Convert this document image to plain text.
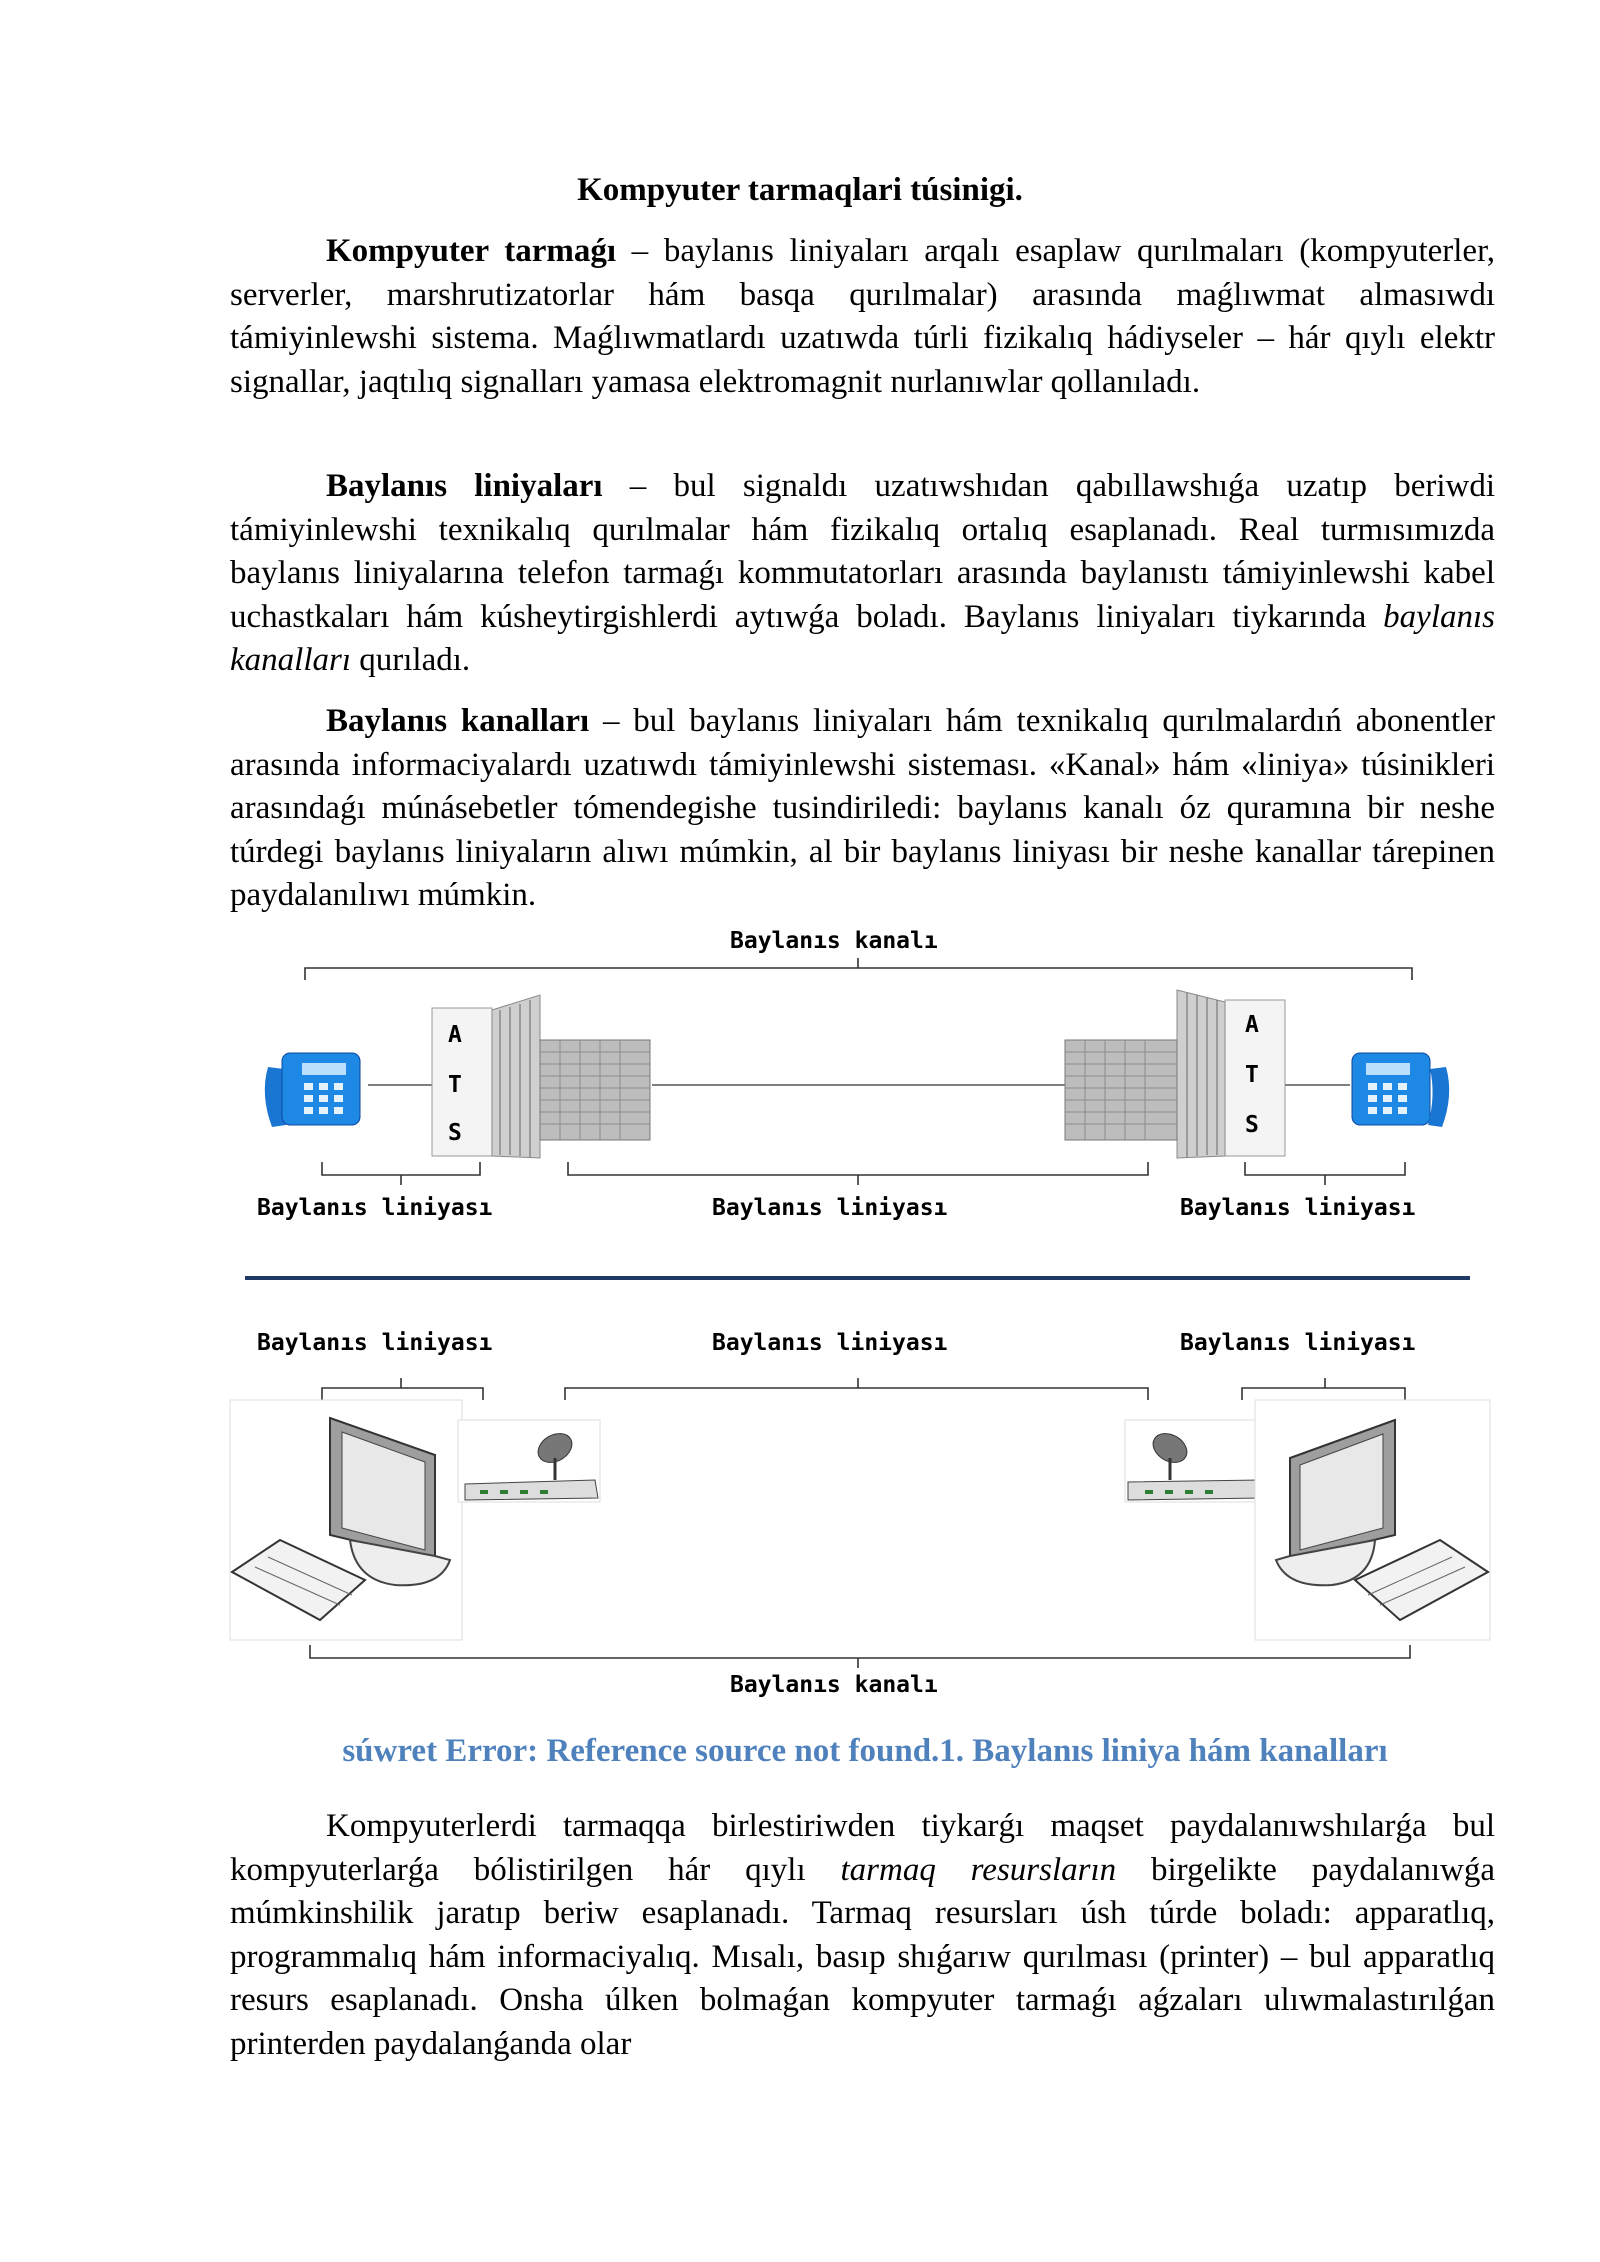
Kompyuter tarmaqlari túsinigi.

Kompyuter tarmaǵı – baylanıs liniyaları arqalı esaplaw qurılmaları (kompyuterler, serverler, marshrutizatorlar hám basqa qurılmalar) arasında maǵlıwmat almasıwdı támiyinlewshi sistema. Maǵlıwmatlardı uzatıwda túrli fizikalıq hádiyseler – hár qıylı elektr signallar, jaqtılıq signalları yamasa elektromagnit nurlanıwlar qollanıladı.

Baylanıs liniyaları – bul signaldı uzatıwshıdan qabıllawshıǵa uzatıp beriwdi támiyinlewshi texnikalıq qurılmalar hám fizikalıq ortalıq esaplanadı. Real turmısımızda baylanıs liniyalarına telefon tarmaǵı kommutatorları arasında baylanıstı támiyinlewshi kabel uchastkaları hám kúsheytirgishlerdi aytıwǵa boladı. Baylanıs liniyaları tiykarında baylanıs kanalları qurıladı.

Baylanıs kanalları – bul baylanıs liniyaları hám texnikalıq qurılmalardıń abonentler arasında informaciyalardı uzatıwdı támiyinlewshi sisteması. «Kanal» hám «liniya» túsinikleri arasındaǵı múnásebetler tómendegishe tusindiriledi: baylanıs kanalı óz quramına bir neshe túrdegi baylanıs liniyaların alıwı múmkin, al bir baylanıs liniyası bir neshe kanallar tárepinen paydalanılıwı múmkin.

Baylanıs kanalı
A
T
S
A
T
S
Baylanıs liniyası	Baylanıs liniyası	Baylanıs liniyası
Baylanıs liniyası	Baylanıs liniyası	Baylanıs liniyası
Baylanıs kanalı
súwret Error: Reference source not found.1. Baylanıs liniya hám kanalları

Kompyuterlerdi tarmaqqa birlestiriwden tiykarǵı maqset paydalanıwshılarǵa bul kompyuterlarǵa bólistirilgen hár qıylı tarmaq resursların birgelikte paydalanıwǵa múmkinshilik jaratıp beriw esaplanadı. Tarmaq resursları úsh túrde boladı: apparatlıq, programmalıq hám informaciyalıq. Mısalı, basıp shıǵarıw qurılması (printer) – bul apparatlıq resurs esaplanadı. Onsha úlken bolmaǵan kompyuter tarmaǵı aǵzaları ulıwmalastırılǵan printerden paydalanǵanda olar
